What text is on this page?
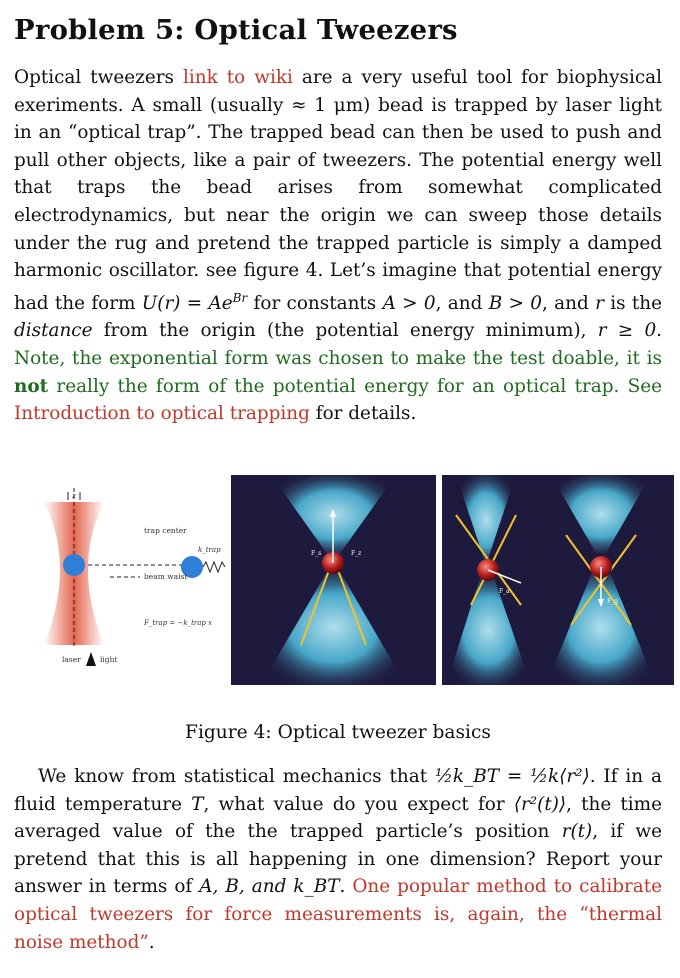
Problem 5: Optical Tweezers

Optical tweezers link to wiki are a very useful tool for biophysical exeriments. A small (usually ≈ 1 μm) bead is trapped by laser light in an “optical trap”. The trapped bead can then be used to push and pull other objects, like a pair of tweezers. The potential energy well that traps the bead arises from somewhat complicated electrodynamics, but near the origin we can sweep those details under the rug and pretend the trapped particle is simply a damped harmonic oscillator. see figure 4. Let’s imagine that potential energy had the form $U(r) = Ae^{Br}$ for constants A > 0, and B > 0, and r is the distance from the origin (the potential energy minimum), r ≥ 0. Note, the exponential form was chosen to make the test doable, it is not really the form of the potential energy for an optical trap. See Introduction to optical trapping for details.

z
trap center
beam waist
k_trap
F_trap = −k_trap x
laser	light
F_s	F_z
F_a
F_g
Figure 4: Optical tweezer basics

We know from statistical mechanics that ½k_BT = ½k⟨r²⟩. If in a fluid temperature T, what value do you expect for ⟨r²(t)⟩, the time averaged value of the the trapped particle’s position r(t), if we pretend that this is all happening in one dimension? Report your answer in terms of A, B, and k_BT. One popular method to calibrate optical tweezers for force measurements is, again, the “thermal noise method”.
